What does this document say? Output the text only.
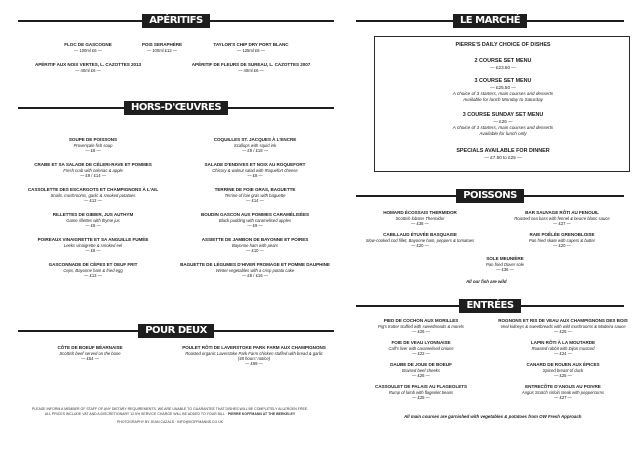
APÉRITIFS
FLOC DE GASCOGNE
— 100ml £6 —
POIS SERAPHÈRE
— 100ml £12 —
TAYLOR'S CHIP DRY PORT BLANC
— 125ml £6 —
APÉRITIF AUX NOIX VERTES, L. CAZOTTES 2013
— 40ml £6 —
APÉRITIF DE FLEURS DE SUREAU, L. CAZOTTES 2007
— 40ml £6 —
HORS-D'ŒUVRES
SOUPE DE POISSONS
Provençale fish soup
— £8 —
CRABE ET SA SALADE DE CÉLERI-RAVE ET POMMES
Fresh crab with celeriac & apple
— £9 / £14 —
CASSOLETTE DES ESCARGOTS ET CHAMPIGNONS À L'AIL
Snails, mushrooms, garlic & smoked potatoes
— £12 —
RILLETTES DE GIBIER, JUS AUTHYM
Game rillettes with thyme jus
— £8 —
POIREAUX VINAIGRETTE ET SA ANGUILLE FUMÉE
Leeks vinaigrette & smoked eel
— £8 —
GASCONNADE DE CÈPES ET OEUF FRIT
Ceps, Bayonne ham & fried egg
— £13 —
COQUILLES ST. JACQUES À L'ENCRE
Scallops with squid ink
— £9 / £18 —
SALADE D'ENDIVES ET NOIX AU ROQUEFORT
Chicory & walnut salad with Roquefort cheese
— £8 —
TERRINE DE FOIE GRAS, BAGUETTE
Terrine of foie gras with baguette
— £14 —
BOUDIN GASCON AUX POMMES CARAMÉLISÉES
Black pudding with caramelised apples
— £9 —
ASSIETTE DE JAMBON DE BAYONNE ET POIRES
Bayonne ham with pears
— £10 —
BAGUETTE DE LÉGUMES D'HIVER FROMAGE ET POMME DAUPHINE
Winter vegetables with a crisp potato cake
— £8 / £16 —
POUR DEUX
CÔTE DE BOEUF BÉARNAISE
Scottish beef served on the bone
— £54 —
POULET RÔTI DE LAVERSTOKE PARK FARM AUX CHAMPIGNONS
Roasted organic Laverstoke Park Farm chicken stuffed with bread & garlic (48 hours' notice)
— £69 —
PLEASE INFORM A MEMBER OF STAFF OF ANY DIETARY REQUIREMENTS. WE ARE UNABLE TO GUARANTEE THAT DISHES WILL BE COMPLETELY ALLERGEN FREE.
ALL PRICES INCLUDE VAT AND A DISCRETIONARY 12.5% SERVICE CHARGE WILL BE ADDED TO YOUR BILL · PIERRE KOFFMANN AT THE BERKELEY
PHOTOGRAPHY BY JEAN CAZALS · INFO@KOFFMANNS.CO.UK
LE MARCHÉ
PIERRE'S DAILY CHOICE OF DISHES
2 COURSE SET MENU
— £23.50 —
3 COURSE SET MENU
— £25.50 —
A choice of 3 starters, main courses and desserts
Available for lunch Monday to Saturday
3 COURSE SUNDAY SET MENU
— £26 —
A choice of 3 starters, main courses and desserts
Available for lunch only
SPECIALS AVAILABLE FOR DINNER
— £7.50 to £25 —
POISSONS
HOMARD ÉCOSSAIS THERMIDOR
Scottish lobster Thermidor
— £38 —
CABILLAUD ÉTUVÉE BASQUAISE
Slow-cooked cod fillet, Bayonne ham, peppers & tomatoes
— £20 —
SOLE MEUNIÈRE
Pan fried Dover sole
— £36 —
BAR SAUVAGE RÔTI AU FENOUIL
Roasted sea bass with fennel & beurre blanc sauce
— £27 —
RAIE POÊLÉE GRENOBLOISE
Pan fried skate with capers & butter
— £20 —
All our fish are wild
ENTRÉES
PIED DE COCHON AUX MORILLES
Pig's trotter stuffed with sweetbreads & morels
— £26 —
FOIE DE VEAU LYONNAISE
Calf's liver with caramelised onions
— £22 —
DAUBE DE JOUE DE BOEUF
Braised beef cheeks
— £26 —
CASSOULET DE PALAIS AU FLAGEOLETS
Rump of lamb with flageolet beans
— £25 —
ROGNONS ET RIS DE VEAU AUX CHAMPIGNONS DES BOIS
Veal kidneys & sweetbreads with wild mushrooms & Madeira sauce
— £25 —
LAPIN RÔTI À LA MOUTARDE
Roasted rabbit with Dijon mustard
— £24 —
CANARD DE ROUEN AUX ÉPICES
Spiced breast of duck
— £25 —
ENTRECÔTE D'ANGUS AU POIVRE
Angus Scotch sirloin steak with peppercorns
— £27 —
All main courses are garnished with vegetables & potatoes from OW Fresh Approach
